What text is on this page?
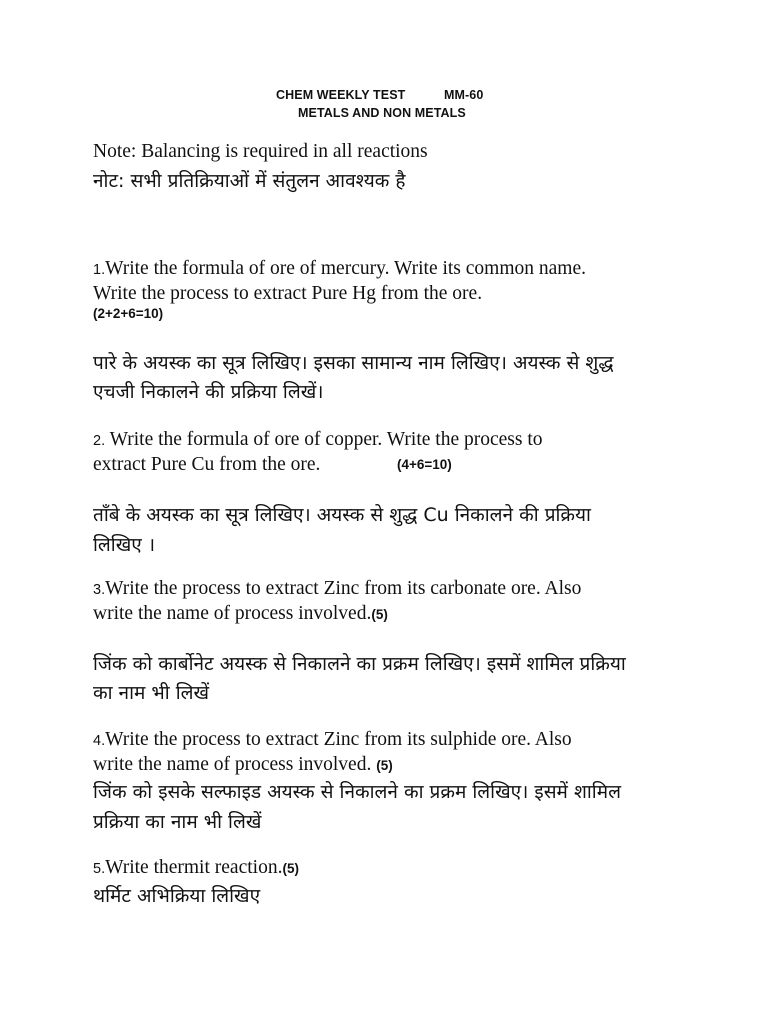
CHEM WEEKLY TEST	MM-60
METALS AND NON METALS
Note: Balancing is required in all reactions
नोट: सभी प्रतिक्रियाओं में संतुलन आवश्यक है
1.Write the formula of ore of mercury. Write its common name.
Write the process to extract Pure Hg from the ore.
(2+2+6=10)
पारे के अयस्क का सूत्र लिखिए। इसका सामान्य नाम लिखिए। अयस्क से शुद्ध
एचजी निकालने की प्रक्रिया लिखें।
2. Write the formula of ore of copper. Write the process to
extract Pure Cu from the ore.	(4+6=10)
ताँबे के अयस्क का सूत्र लिखिए। अयस्क से शुद्ध Cu निकालने की प्रक्रिया
लिखिए ।
3.Write the process to extract Zinc from its carbonate ore. Also
write the name of process involved.(5)
जिंक को कार्बोनेट अयस्क से निकालने का प्रक्रम लिखिए। इसमें शामिल प्रक्रिया
का नाम भी लिखें
4.Write the process to extract Zinc from its sulphide ore. Also
write the name of process involved. (5)
जिंक को इसके सल्फाइड अयस्क से निकालने का प्रक्रम लिखिए। इसमें शामिल
प्रक्रिया का नाम भी लिखें
5.Write thermit reaction.(5)
थर्मिट अभिक्रिया लिखिए
